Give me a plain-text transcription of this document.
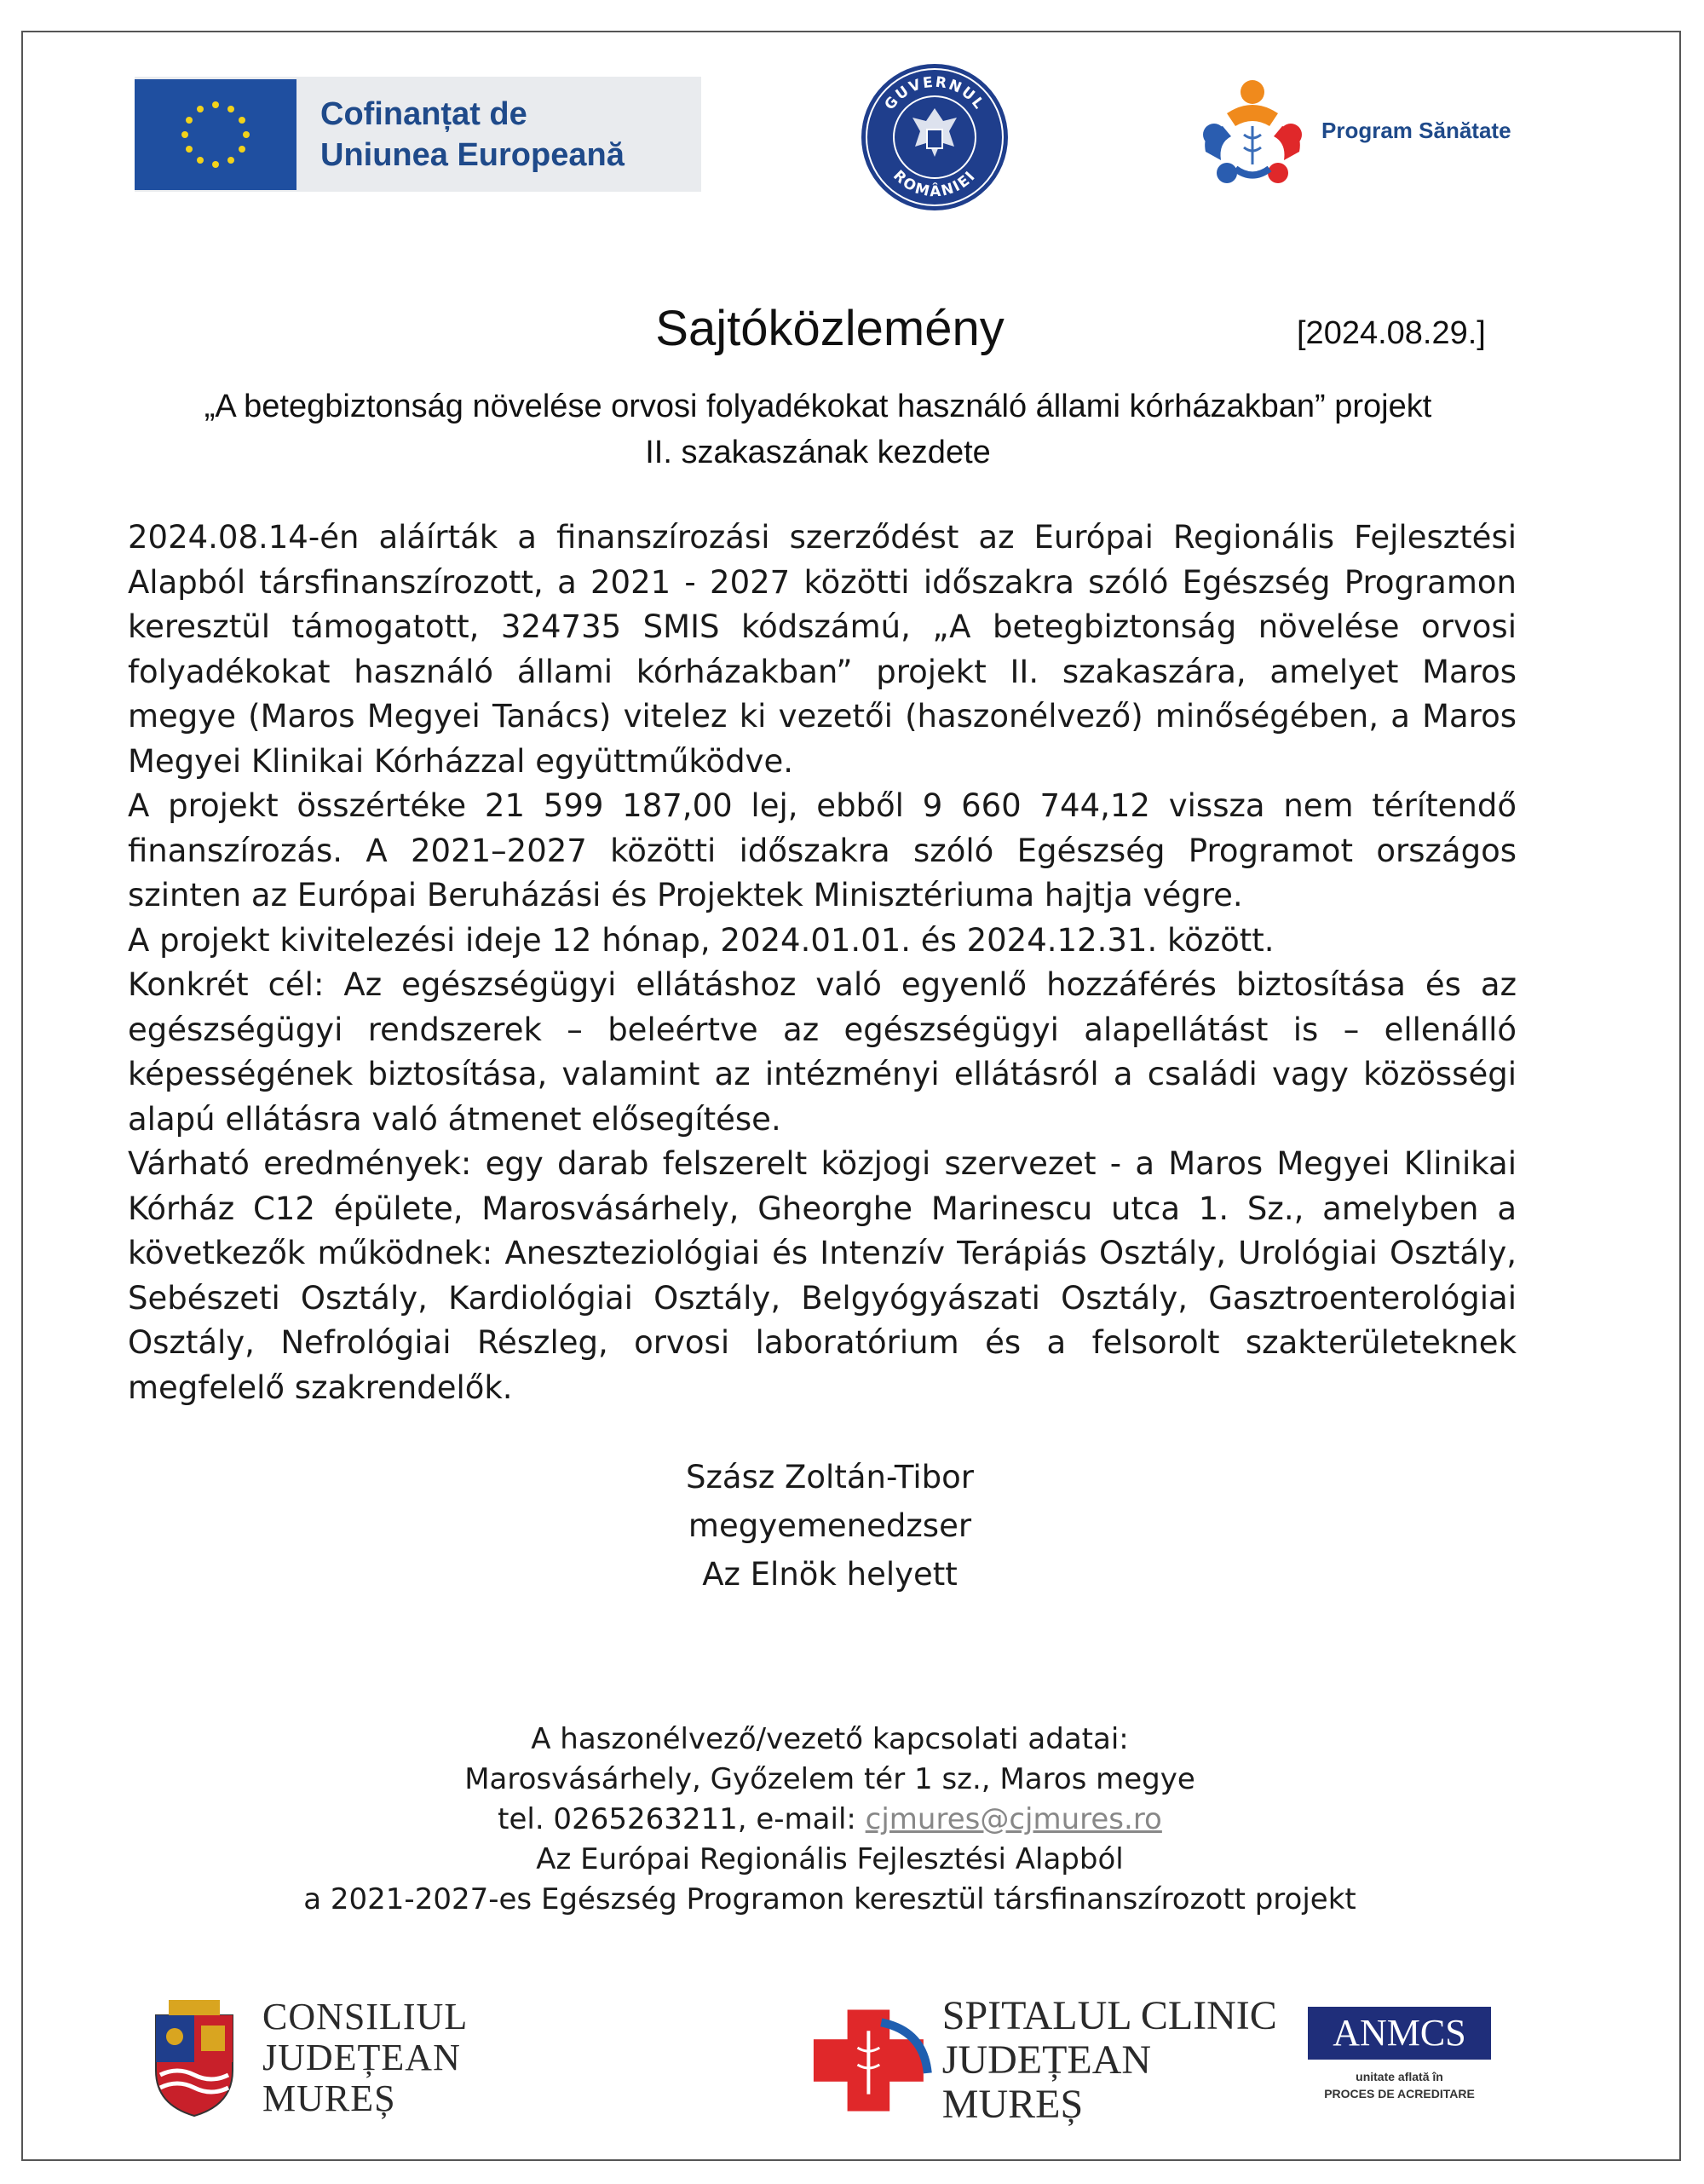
Cofinanțat de
Uniunea Europeană
GUVERNUL
ROMÂNIEI
Program Sănătate
Sajtóközlemény	[2024.08.29.]
„A betegbiztonság növelése orvosi folyadékokat használó állami kórházakban” projekt
II. szakaszának kezdete

2024.08.14-én aláírták a finanszírozási szerződést az Európai Regionális Fejlesztési Alapból társfinanszírozott, a 2021 - 2027 közötti időszakra szóló Egészség Programon keresztül támogatott, 324735 SMIS kódszámú, „A betegbiztonság növelése orvosi folyadékokat használó állami kórházakban” projekt II. szakaszára, amelyet Maros megye (Maros Megyei Tanács) vitelez ki vezetői (haszonélvező) minőségében, a Maros Megyei Klinikai Kórházzal együttműködve.

A projekt összértéke 21 599 187,00 lej, ebből 9 660 744,12 vissza nem térítendő finanszírozás. A 2021–2027 közötti időszakra szóló Egészség Programot országos szinten az Európai Beruházási és Projektek Minisztériuma hajtja végre.

A projekt kivitelezési ideje 12 hónap, 2024.01.01. és 2024.12.31. között.

Konkrét cél: Az egészségügyi ellátáshoz való egyenlő hozzáférés biztosítása és az egészségügyi rendszerek – beleértve az egészségügyi alapellátást is – ellenálló képességének biztosítása, valamint az intézményi ellátásról a családi vagy közösségi alapú ellátásra való átmenet elősegítése.

Várható eredmények: egy darab felszerelt közjogi szervezet - a Maros Megyei Klinikai Kórház C12 épülete, Marosvásárhely, Gheorghe Marinescu utca 1. Sz., amelyben a következők működnek: Aneszteziológiai és Intenzív Terápiás Osztály, Urológiai Osztály, Sebészeti Osztály, Kardiológiai Osztály, Belgyógyászati Osztály, Gasztroenterológiai Osztály, Nefrológiai Részleg, orvosi laboratórium és a felsorolt szakterületeknek megfelelő szakrendelők.

Szász Zoltán-Tibor
megyemenedzser
Az Elnök helyett
A haszonélvező/vezető kapcsolati adatai:
Marosvásárhely, Győzelem tér 1 sz., Maros megye
tel. 0265263211, e-mail: cjmures@cjmures.ro
Az Európai Regionális Fejlesztési Alapból
a 2021-2027-es Egészség Programon keresztül társfinanszírozott projekt
CONSILIUL
JUDEȚEAN
MUREȘ
SPITALUL CLINIC
JUDEȚEAN MUREȘ
ANMCS
unitate aflată în
PROCES DE ACREDITARE
